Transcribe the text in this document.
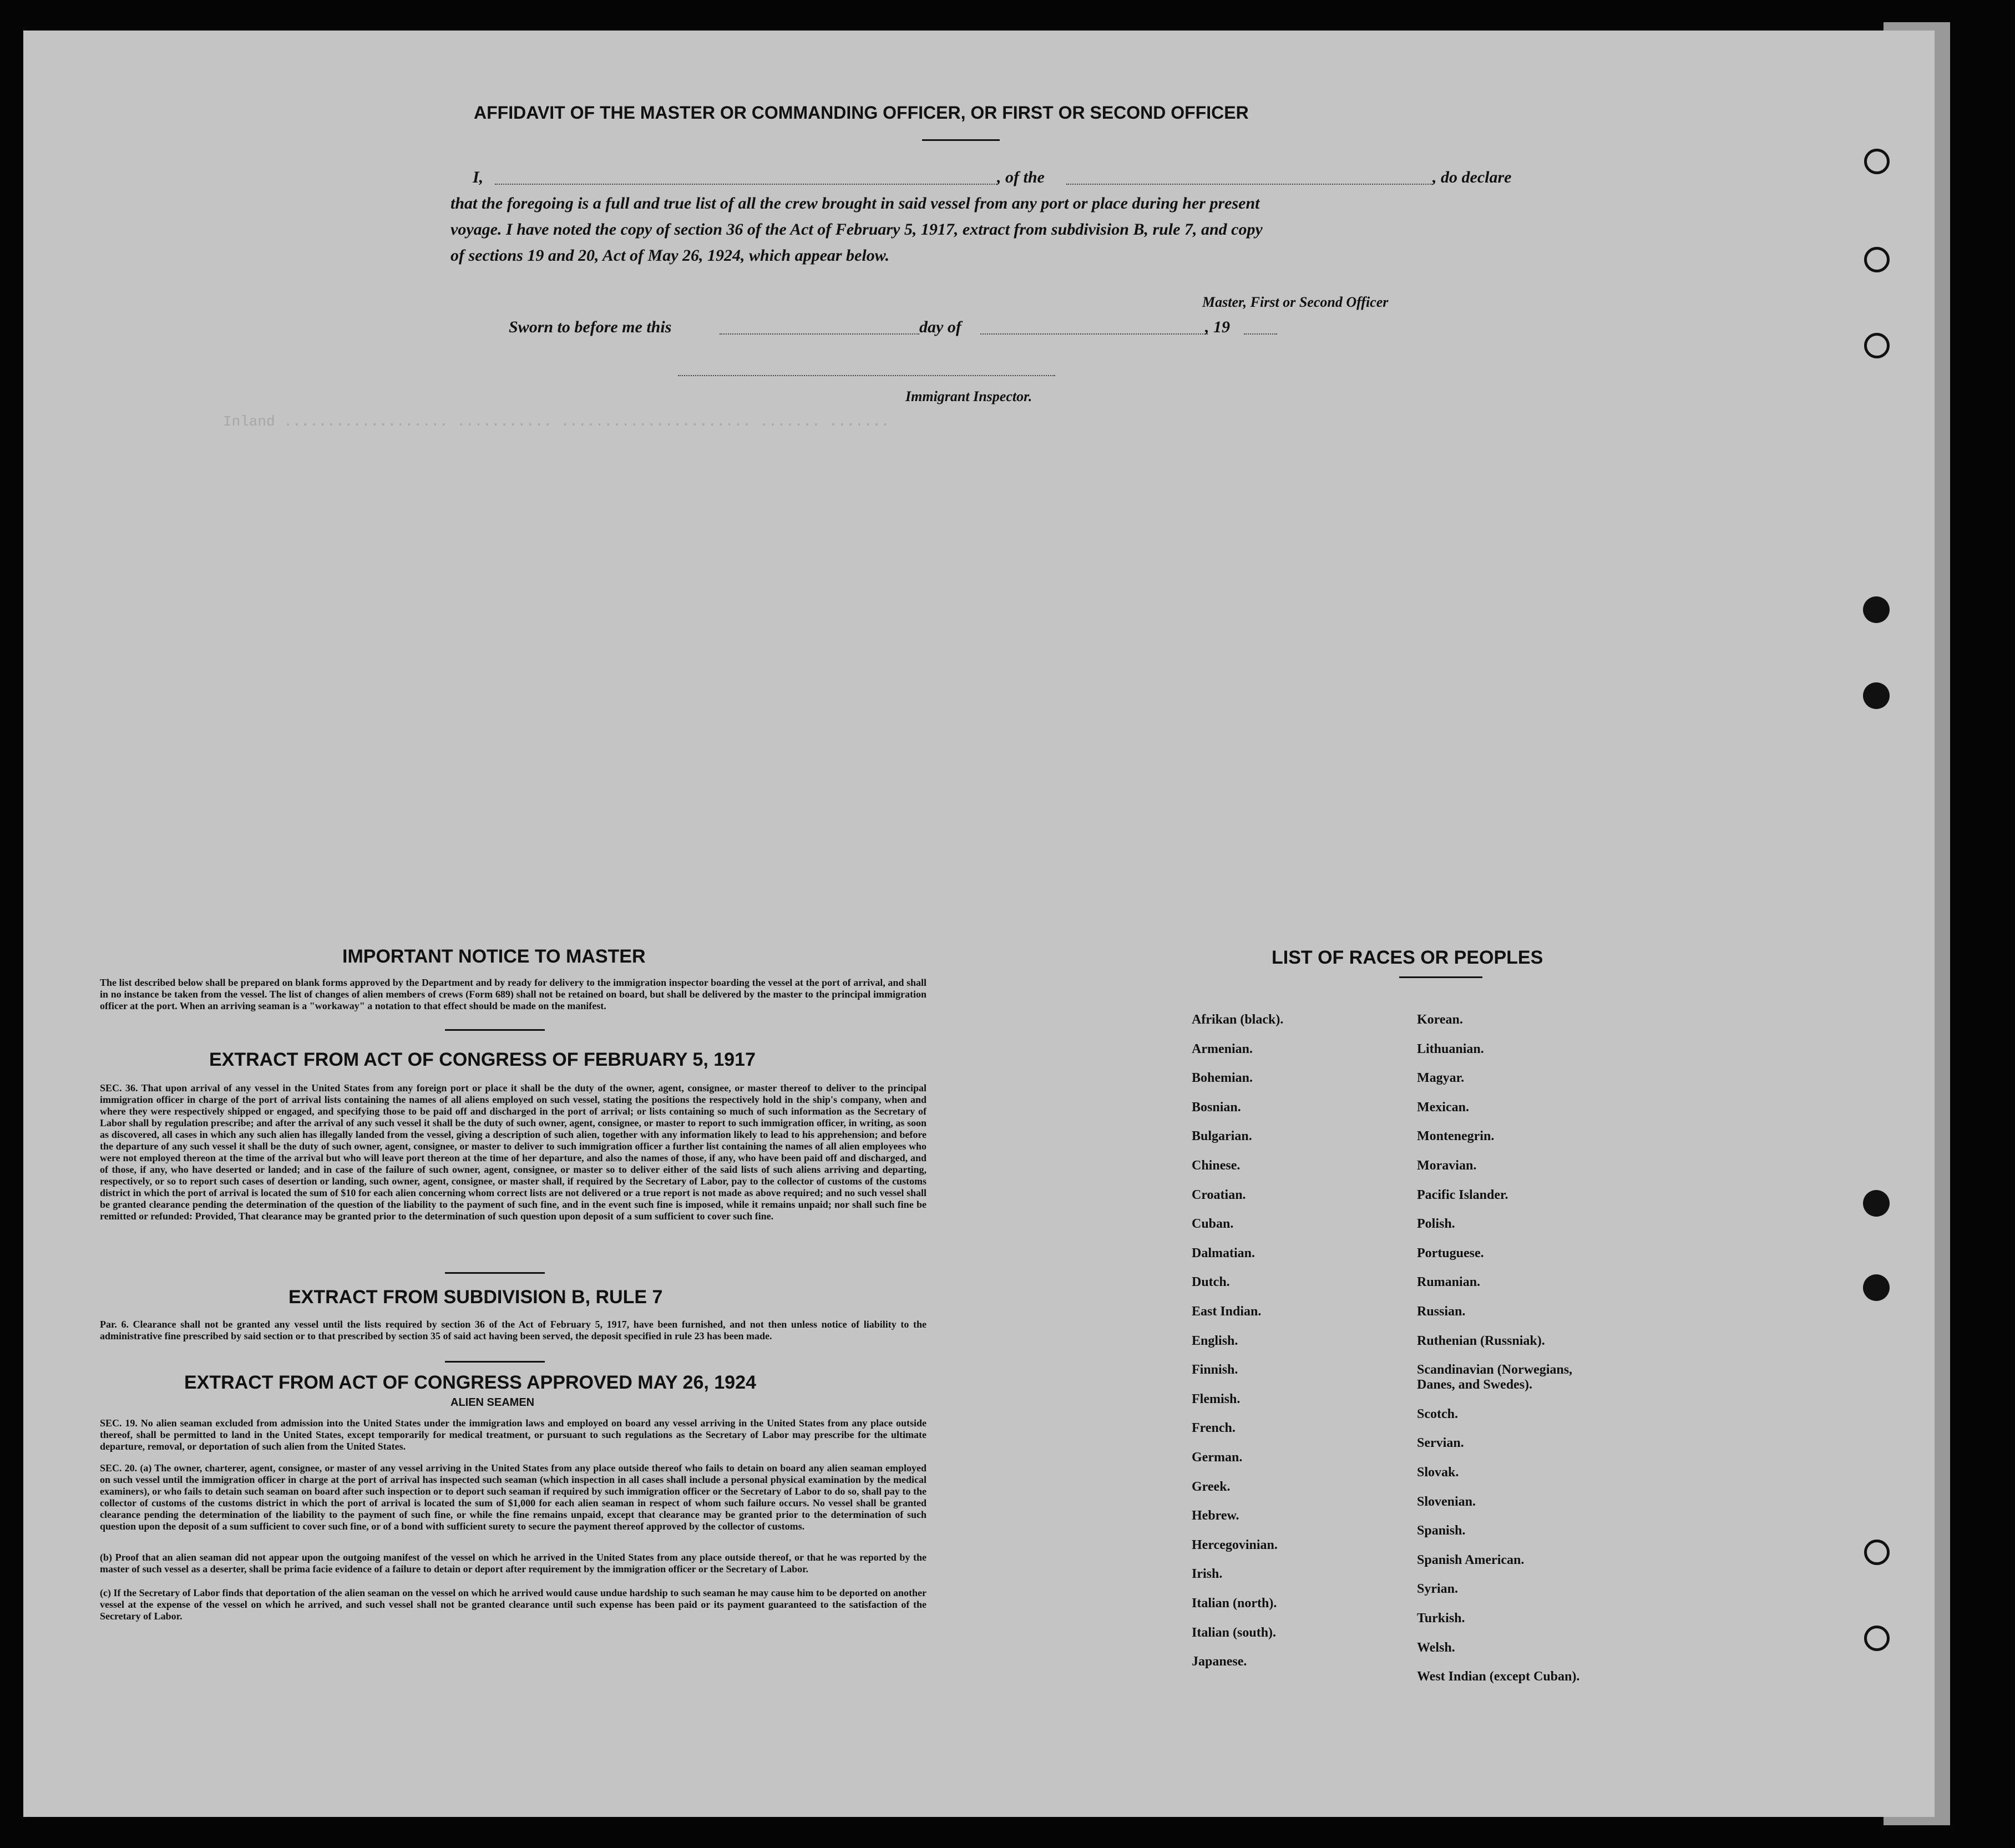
Inland ................... ........... ...................... ....... .......
AFFIDAVIT OF THE MASTER OR COMMANDING OFFICER, OR FIRST OR SECOND OFFICER
I,	, of the	, do declare
that the foregoing is a full and true list of all the crew brought in said vessel from any port or place during her present
voyage. I have noted the copy of section 36 of the Act of February 5, 1917, extract from subdivision B, rule 7, and copy
of sections 19 and 20, Act of May 26, 1924, which appear below.
Master, First or Second Officer
Sworn to before me this	day of	, 19
Immigrant Inspector.
IMPORTANT NOTICE TO MASTER
The list described below shall be prepared on blank forms approved by the Department and by ready for delivery to the immigration inspector boarding the vessel at the port of arrival, and shall in no instance be taken from the vessel. The list of changes of alien members of crews (Form 689) shall not be retained on board, but shall be delivered by the master to the principal immigration officer at the port. When an arriving seaman is a "workaway" a notation to that effect should be made on the manifest.
EXTRACT FROM ACT OF CONGRESS OF FEBRUARY 5, 1917
SEC. 36. That upon arrival of any vessel in the United States from any foreign port or place it shall be the duty of the owner, agent, consignee, or master thereof to deliver to the principal immigration officer in charge of the port of arrival lists containing the names of all aliens employed on such vessel, stating the positions the respectively hold in the ship's company, when and where they were respectively shipped or engaged, and specifying those to be paid off and discharged in the port of arrival; or lists containing so much of such information as the Secretary of Labor shall by regulation prescribe; and after the arrival of any such vessel it shall be the duty of such owner, agent, consignee, or master to report to such immigration officer, in writing, as soon as discovered, all cases in which any such alien has illegally landed from the vessel, giving a description of such alien, together with any information likely to lead to his apprehension; and before the departure of any such vessel it shall be the duty of such owner, agent, consignee, or master to deliver to such immigration officer a further list containing the names of all alien employees who were not employed thereon at the time of the arrival but who will leave port thereon at the time of her departure, and also the names of those, if any, who have been paid off and discharged, and of those, if any, who have deserted or landed; and in case of the failure of such owner, agent, consignee, or master so to deliver either of the said lists of such aliens arriving and departing, respectively, or so to report such cases of desertion or landing, such owner, agent, consignee, or master shall, if required by the Secretary of Labor, pay to the collector of customs of the customs district in which the port of arrival is located the sum of $10 for each alien concerning whom correct lists are not delivered or a true report is not made as above required; and no such vessel shall be granted clearance pending the determination of the question of the liability to the payment of such fine, and in the event such fine is imposed, while it remains unpaid; nor shall such fine be remitted or refunded: Provided, That clearance may be granted prior to the determination of such question upon deposit of a sum sufficient to cover such fine.
EXTRACT FROM SUBDIVISION B, RULE 7
Par. 6. Clearance shall not be granted any vessel until the lists required by section 36 of the Act of February 5, 1917, have been furnished, and not then unless notice of liability to the administrative fine prescribed by said section or to that prescribed by section 35 of said act having been served, the deposit specified in rule 23 has been made.
EXTRACT FROM ACT OF CONGRESS APPROVED MAY 26, 1924
ALIEN SEAMEN
SEC. 19. No alien seaman excluded from admission into the United States under the immigration laws and employed on board any vessel arriving in the United States from any place outside thereof, shall be permitted to land in the United States, except temporarily for medical treatment, or pursuant to such regulations as the Secretary of Labor may prescribe for the ultimate departure, removal, or deportation of such alien from the United States.
SEC. 20. (a) The owner, charterer, agent, consignee, or master of any vessel arriving in the United States from any place outside thereof who fails to detain on board any alien seaman employed on such vessel until the immigration officer in charge at the port of arrival has inspected such seaman (which inspection in all cases shall include a personal physical examination by the medical examiners), or who fails to detain such seaman on board after such inspection or to deport such seaman if required by such immigration officer or the Secretary of Labor to do so, shall pay to the collector of customs of the customs district in which the port of arrival is located the sum of $1,000 for each alien seaman in respect of whom such failure occurs. No vessel shall be granted clearance pending the determination of the liability to the payment of such fine, or while the fine remains unpaid, except that clearance may be granted prior to the determination of such question upon the deposit of a sum sufficient to cover such fine, or of a bond with sufficient surety to secure the payment thereof approved by the collector of customs.
(b) Proof that an alien seaman did not appear upon the outgoing manifest of the vessel on which he arrived in the United States from any place outside thereof, or that he was reported by the master of such vessel as a deserter, shall be prima facie evidence of a failure to detain or deport after requirement by the immigration officer or the Secretary of Labor.
(c) If the Secretary of Labor finds that deportation of the alien seaman on the vessel on which he arrived would cause undue hardship to such seaman he may cause him to be deported on another vessel at the expense of the vessel on which he arrived, and such vessel shall not be granted clearance until such expense has been paid or its payment guaranteed to the satisfaction of the Secretary of Labor.
LIST OF RACES OR PEOPLES
Afrikan (black).
Armenian.
Bohemian.
Bosnian.
Bulgarian.
Chinese.
Croatian.
Cuban.
Dalmatian.
Dutch.
East Indian.
English.
Finnish.
Flemish.
French.
German.
Greek.
Hebrew.
Hercegovinian.
Irish.
Italian (north).
Italian (south).
Japanese.
Korean.
Lithuanian.
Magyar.
Mexican.
Montenegrin.
Moravian.
Pacific Islander.
Polish.
Portuguese.
Rumanian.
Russian.
Ruthenian (Russniak).
Scandinavian (Norwegians,
Danes, and Swedes).
Scotch.
Servian.
Slovak.
Slovenian.
Spanish.
Spanish American.
Syrian.
Turkish.
Welsh.
West Indian (except Cuban).
